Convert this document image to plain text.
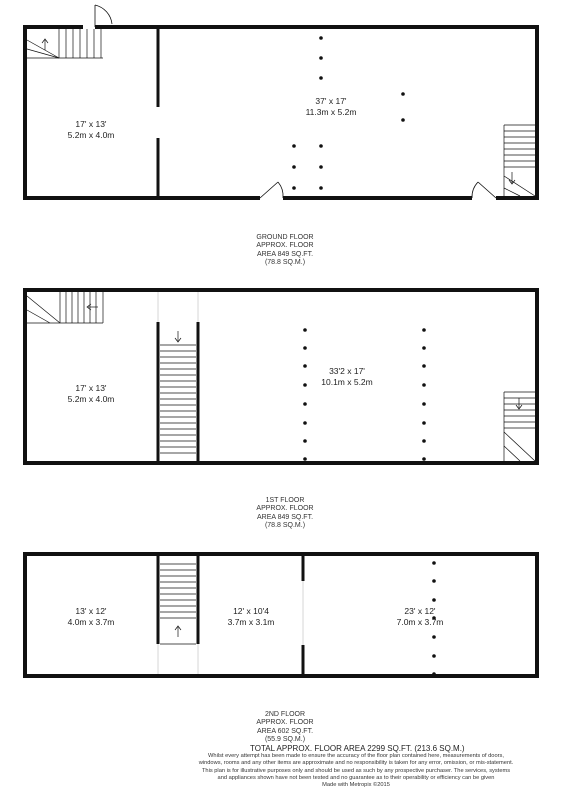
17' x 13'
5.2m x 4.0m
37' x 17'
11.3m x 5.2m
17' x 13'
5.2m x 4.0m
33'2 x 17'
10.1m x 5.2m
13' x 12'
4.0m x 3.7m
12' x 10'4
3.7m x 3.1m
23' x 12'
7.0m x 3.7m
GROUND FLOOR
APPROX. FLOOR
AREA 849 SQ.FT.
(78.8 SQ.M.)
1ST FLOOR
APPROX. FLOOR
AREA 849 SQ.FT.
(78.8 SQ.M.)
2ND FLOOR
APPROX. FLOOR
AREA 602 SQ.FT.
(55.9 SQ.M.)
TOTAL APPROX. FLOOR AREA 2299 SQ.FT. (213.6 SQ.M.)
Whilst every attempt has been made to ensure the accuracy of the floor plan contained here, measurements of doors, windows, rooms and any other items are approximate and no responsibility is taken for any error, omission, or mis-statement. This plan is for illustrative purposes only and should be used as such by any prospective purchaser. The services, systems and appliances shown have not been tested and no guarantee as to their operability or efficiency can be given
Made with Metropix ©2015
